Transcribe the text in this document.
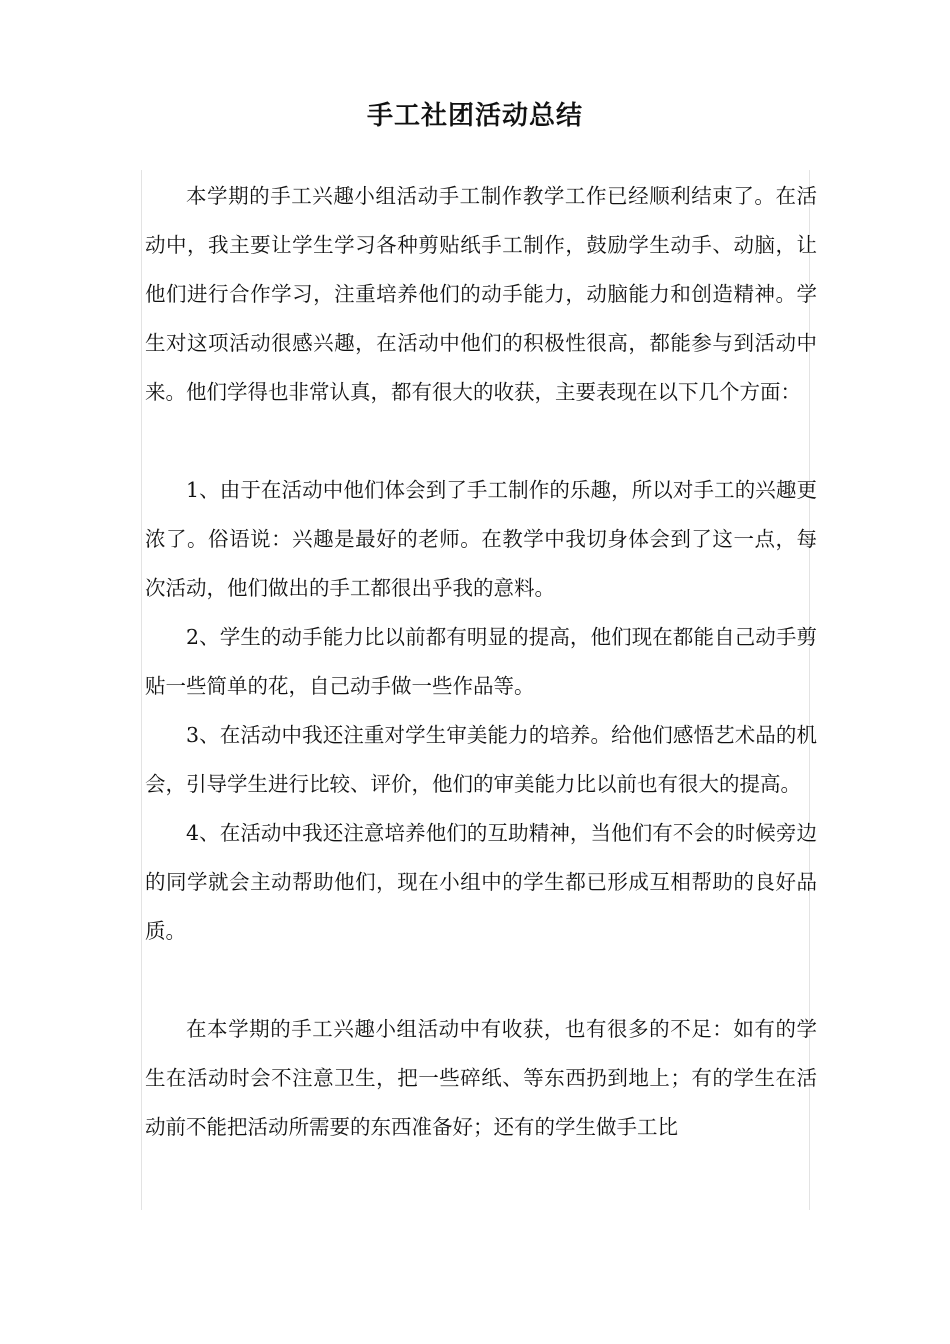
手工社团活动总结

本学期的手工兴趣小组活动手工制作教学工作已经顺利结束了。在活动中，我主要让学生学习各种剪贴纸手工制作，鼓励学生动手、动脑，让他们进行合作学习，注重培养他们的动手能力，动脑能力和创造精神。学生对这项活动很感兴趣，在活动中他们的积极性很高，都能参与到活动中来。他们学得也非常认真，都有很大的收获，主要表现在以下几个方面：

1、由于在活动中他们体会到了手工制作的乐趣，所以对手工的兴趣更浓了。俗语说：兴趣是最好的老师。在教学中我切身体会到了这一点，每次活动，他们做出的手工都很出乎我的意料。

2、学生的动手能力比以前都有明显的提高，他们现在都能自己动手剪贴一些简单的花，自己动手做一些作品等。

3、在活动中我还注重对学生审美能力的培养。给他们感悟艺术品的机会，引导学生进行比较、评价，他们的审美能力比以前也有很大的提高。

4、在活动中我还注意培养他们的互助精神，当他们有不会的时候旁边的同学就会主动帮助他们，现在小组中的学生都已形成互相帮助的良好品质。

在本学期的手工兴趣小组活动中有收获，也有很多的不足：如有的学生在活动时会不注意卫生，把一些碎纸、等东西扔到地上；有的学生在活动前不能把活动所需要的东西准备好；还有的学生做手工比
